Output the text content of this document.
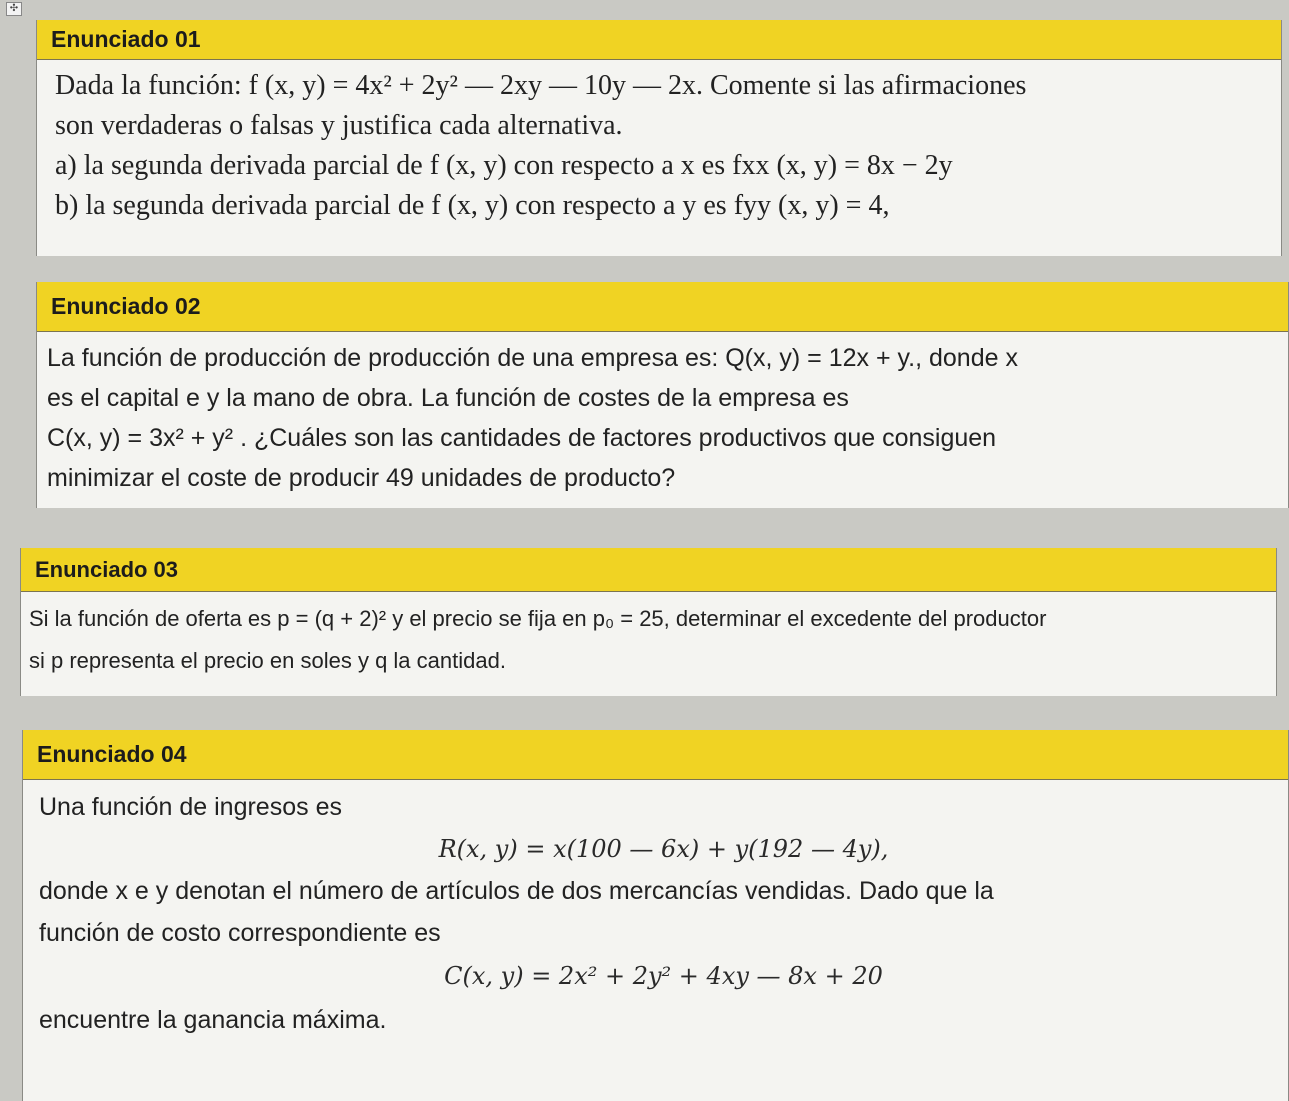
✣
Enunciado 01
Dada la función: f (x, y) = 4x² + 2y² — 2xy — 10y — 2x. Comente si las afirmaciones
son verdaderas o falsas y justifica cada alternativa.
a) la segunda derivada parcial de f (x, y) con respecto a x es fxx (x, y) = 8x − 2y
b) la segunda derivada parcial de f (x, y) con respecto a y es fyy (x, y) = 4,
Enunciado 02
La función de producción de producción de una empresa es: Q(x, y) = 12x + y., donde x
es el capital e y la mano de obra. La función de costes de la empresa es
C(x, y) = 3x² + y² . ¿Cuáles son las cantidades de factores productivos que consiguen
minimizar el coste de producir 49 unidades de producto?
Enunciado 03
Si la función de oferta es p = (q + 2)² y el precio se fija en p₀ = 25, determinar el excedente del productor
si p representa el precio en soles y q la cantidad.
Enunciado 04
Una función de ingresos es
R(x, y) = x(100 — 6x) + y(192 — 4y),
donde x e y denotan el número de artículos de dos mercancías vendidas. Dado que la
función de costo correspondiente es
C(x, y) = 2x² + 2y² + 4xy — 8x + 20
encuentre la ganancia máxima.
